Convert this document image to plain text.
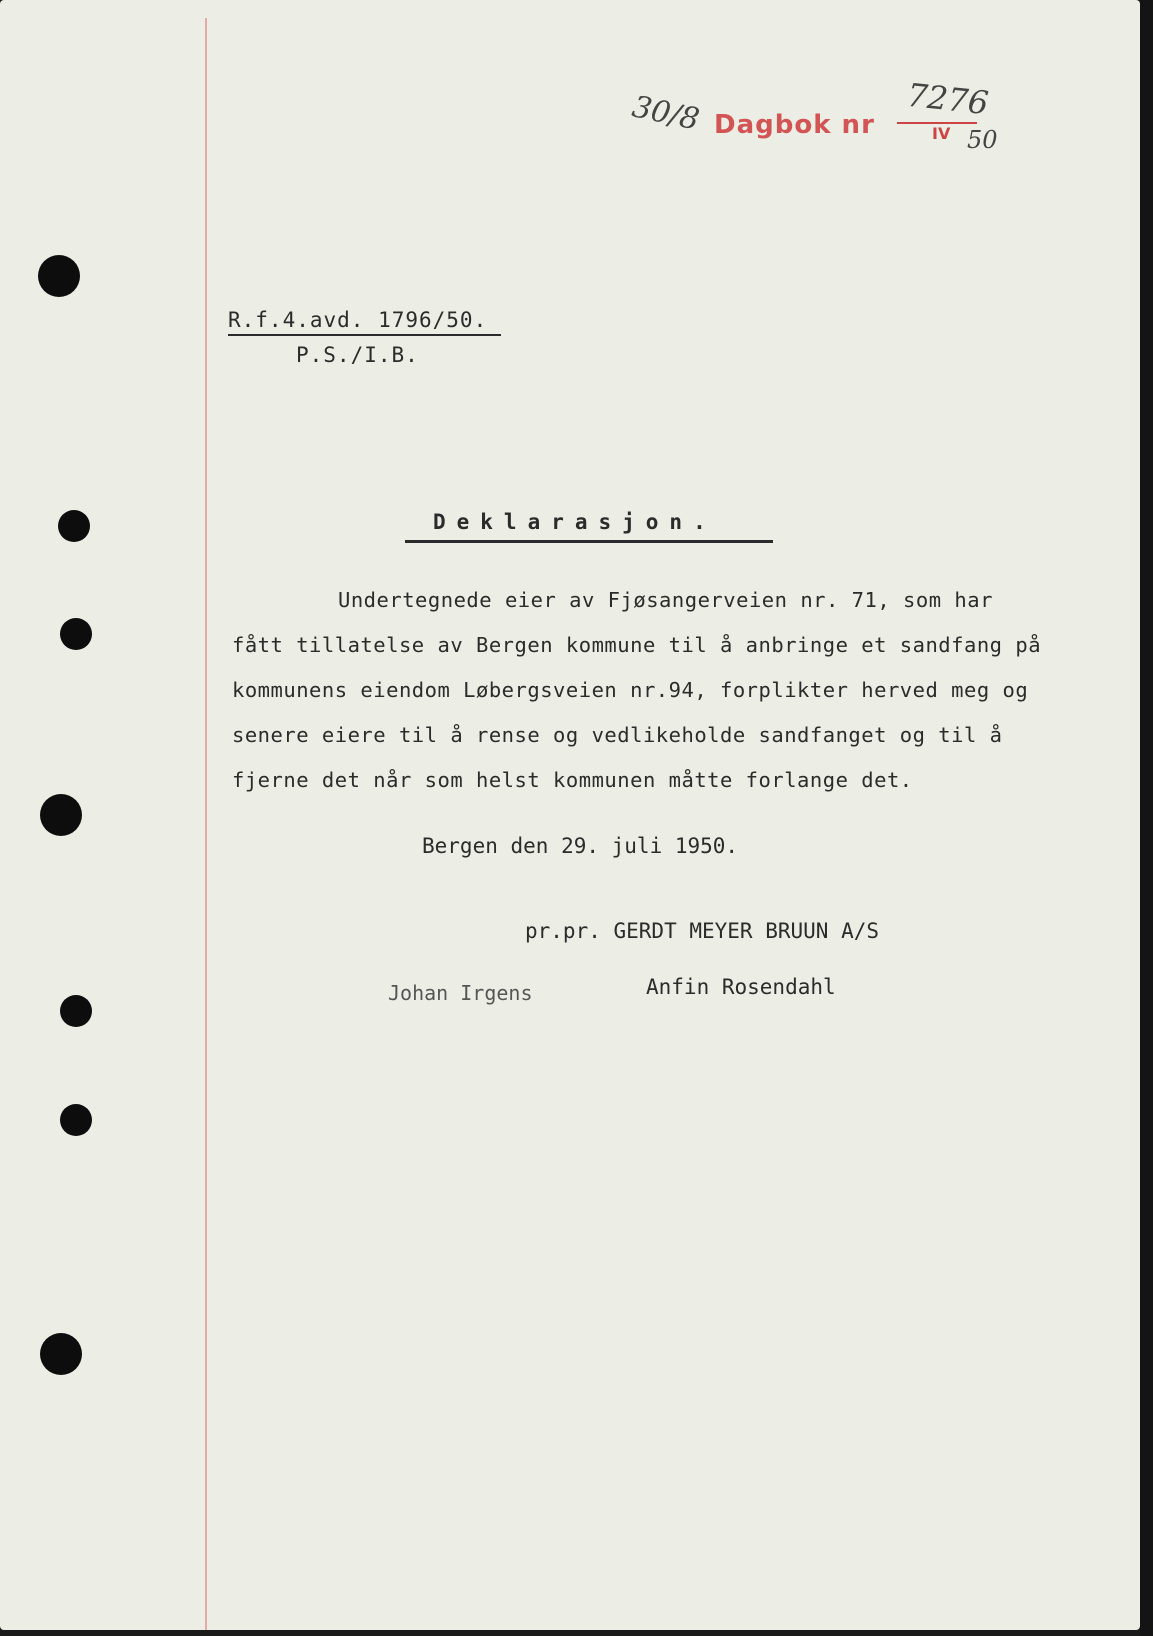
30/8 Dagbok nr
7276
IV 50
R.f.4.avd. 1796/50.
P.S./I.B.
Deklarasjon.
Undertegnede eier av Fjøsangerveien nr. 71, som har
fått tillatelse av Bergen kommune til å anbringe et sandfang på
kommunens eiendom Løbergsveien nr.94, forplikter herved meg og
senere eiere til å rense og vedlikeholde sandfanget og til å
fjerne det når som helst kommunen måtte forlange det.
Bergen den 29. juli 1950.
pr.pr. GERDT MEYER BRUUN A/S
Johan Irgens	Anfin Rosendahl
